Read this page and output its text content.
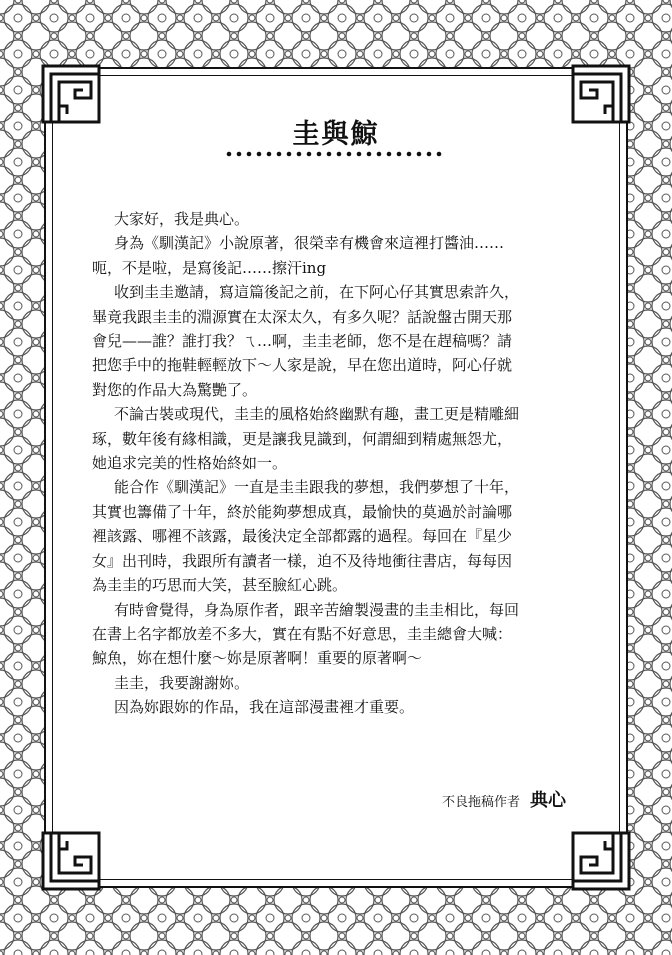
圭與鯨

大家好，我是典心。

身為《馴漢記》小說原著，很榮幸有機會來這裡打醬油……

呃，不是啦，是寫後記……擦汗ing

收到圭圭邀請，寫這篇後記之前，在下阿心仔其實思索許久，

畢竟我跟圭圭的淵源實在太深太久，有多久呢？話說盤古開天那

會兒——誰？誰打我？ㄟ…啊，圭圭老師，您不是在趕稿嗎？請

把您手中的拖鞋輕輕放下～人家是說，早在您出道時，阿心仔就

對您的作品大為驚艷了。

不論古裝或現代，圭圭的風格始終幽默有趣，畫工更是精雕細

琢，數年後有緣相識，更是讓我見識到，何謂細到精處無怨尤，

她追求完美的性格始終如一。

能合作《馴漢記》一直是圭圭跟我的夢想，我們夢想了十年，

其實也籌備了十年，終於能夠夢想成真，最愉快的莫過於討論哪

裡該露、哪裡不該露，最後決定全部都露的過程。每回在『星少

女』出刊時，我跟所有讀者一樣，迫不及待地衝往書店，每每因

為圭圭的巧思而大笑，甚至臉紅心跳。

有時會覺得，身為原作者，跟辛苦繪製漫畫的圭圭相比，每回

在書上名字都放差不多大，實在有點不好意思，圭圭總會大喊：

鯨魚，妳在想什麼～妳是原著啊！重要的原著啊～

圭圭，我要謝謝妳。

因為妳跟妳的作品，我在這部漫畫裡才重要。

不良拖稿作者 典心
